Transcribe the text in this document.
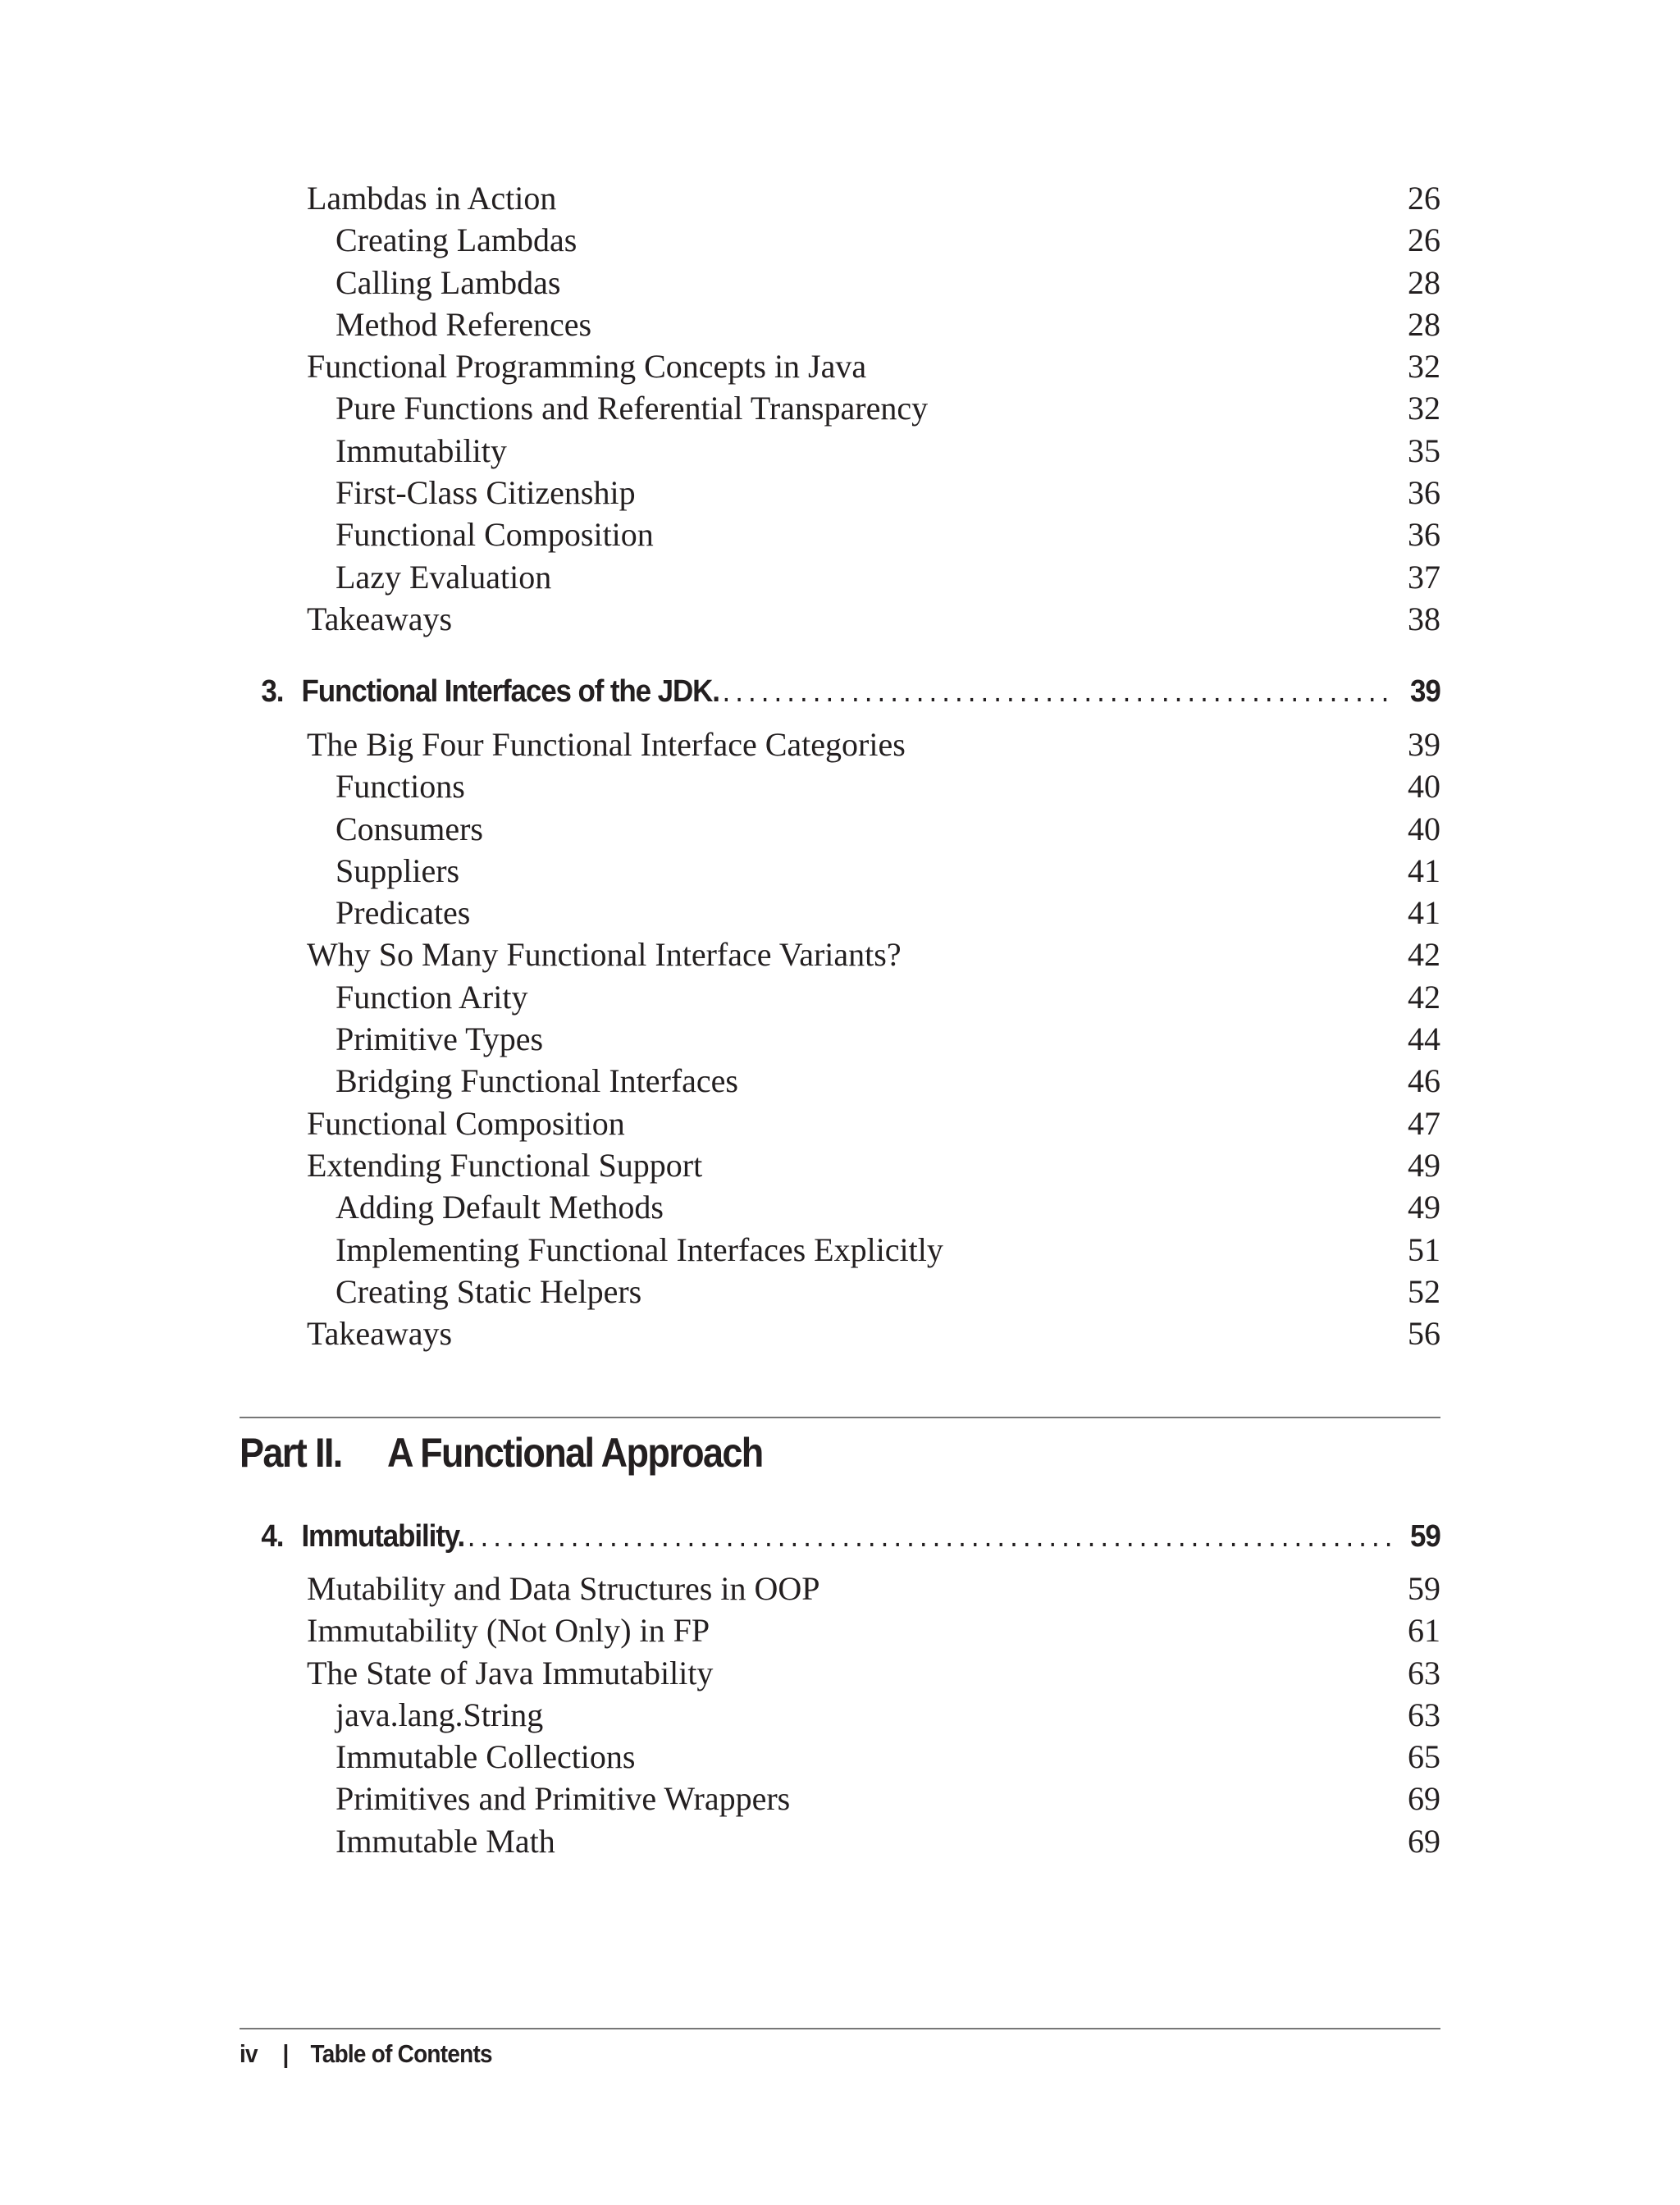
Lambdas in Action	26
Creating Lambdas	26
Calling Lambdas	28
Method References	28
Functional Programming Concepts in Java	32
Pure Functions and Referential Transparency	32
Immutability	35
First-Class Citizenship	36
Functional Composition	36
Lazy Evaluation	37
Takeaways	38
3. Functional Interfaces of the JDK. . . .	39
The Big Four Functional Interface Categories	39
Functions	40
Consumers	40
Suppliers	41
Predicates	41
Why So Many Functional Interface Variants?	42
Function Arity	42
Primitive Types	44
Bridging Functional Interfaces	46
Functional Composition	47
Extending Functional Support	49
Adding Default Methods	49
Implementing Functional Interfaces Explicitly	51
Creating Static Helpers	52
Takeaways	56
Part II. A Functional Approach
4. Immutability. . . .	59
Mutability and Data Structures in OOP	59
Immutability (Not Only) in FP	61
The State of Java Immutability	63
java.lang.String	63
Immutable Collections	65
Primitives and Primitive Wrappers	69
Immutable Math	69
iv | Table of Contents
